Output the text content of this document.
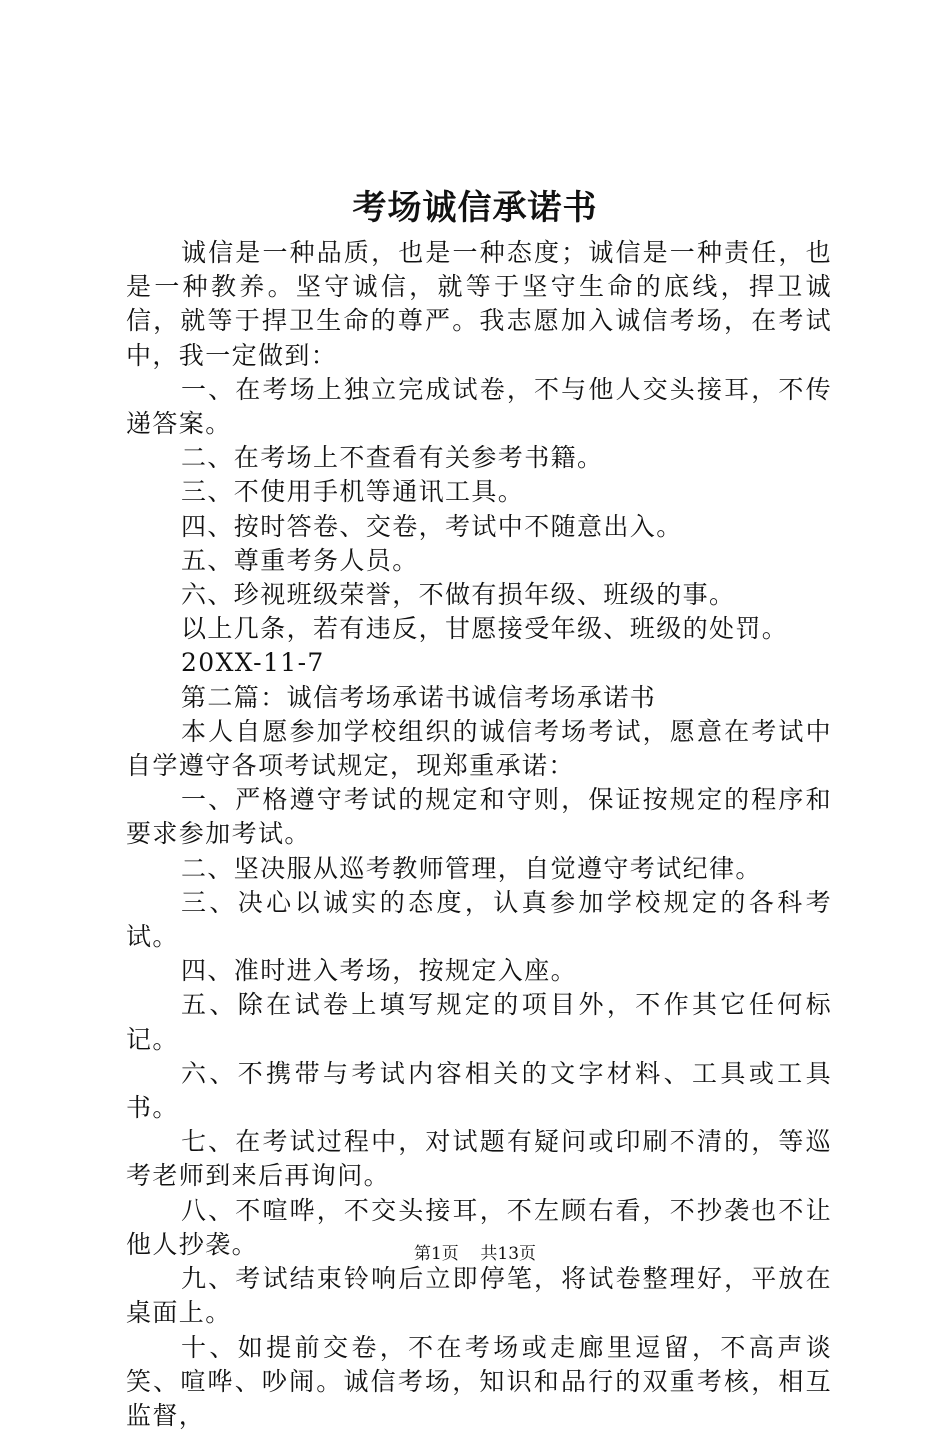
考场诚信承诺书

诚信是一种品质，也是一种态度；诚信是一种责任，也是一种教养。坚守诚信，就等于坚守生命的底线，捍卫诚信，就等于捍卫生命的尊严。我志愿加入诚信考场，在考试中，我一定做到：

一、在考场上独立完成试卷，不与他人交头接耳，不传递答案。

二、在考场上不查看有关参考书籍。

三、不使用手机等通讯工具。

四、按时答卷、交卷，考试中不随意出入。

五、尊重考务人员。

六、珍视班级荣誉，不做有损年级、班级的事。

以上几条，若有违反，甘愿接受年级、班级的处罚。

20XX-11-7

第二篇：诚信考场承诺书诚信考场承诺书

本人自愿参加学校组织的诚信考场考试，愿意在考试中自学遵守各项考试规定，现郑重承诺：

一、严格遵守考试的规定和守则，保证按规定的程序和要求参加考试。

二、坚决服从巡考教师管理，自觉遵守考试纪律。

三、决心以诚实的态度，认真参加学校规定的各科考试。

四、准时进入考场，按规定入座。

五、除在试卷上填写规定的项目外，不作其它任何标记。

六、不携带与考试内容相关的文字材料、工具或工具书。

七、在考试过程中，对试题有疑问或印刷不清的，等巡考老师到来后再询问。

八、不喧哗，不交头接耳，不左顾右看，不抄袭也不让他人抄袭。

九、考试结束铃响后立即停笔，将试卷整理好，平放在桌面上。

十、如提前交卷，不在考场或走廊里逗留，不高声谈笑、喧哗、吵闹。诚信考场，知识和品行的双重考核，相互监督，

第1页 共13页
